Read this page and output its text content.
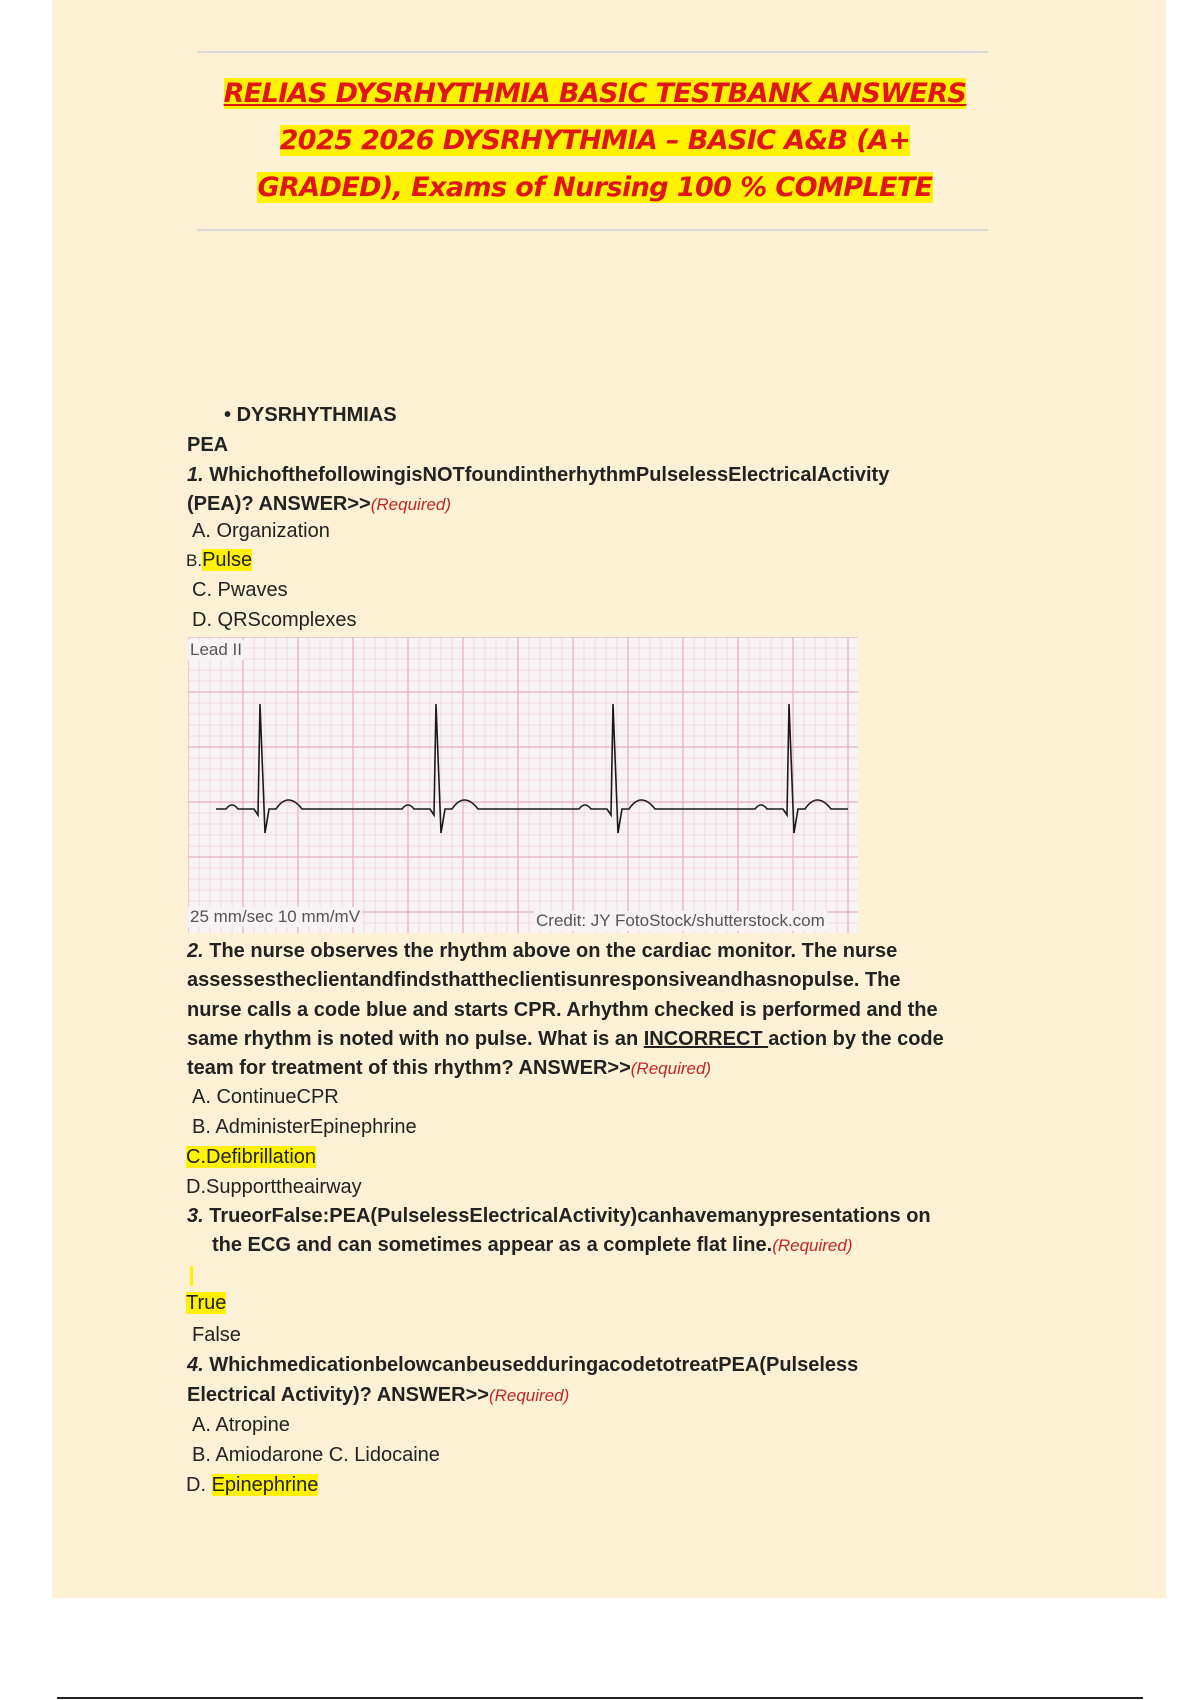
RELIAS DYSRHYTHMIA BASIC TESTBANK ANSWERS
2025 2026 DYSRHYTHMIA – BASIC A&B (A+
GRADED), Exams of Nursing 100 % COMPLETE
• DYSRHYTHMIAS
PEA
1. WhichofthefollowingisNOTfoundintherhythmPulselessElectricalActivity
(PEA)? ANSWER>>(Required)
A. Organization
B.Pulse
C. Pwaves
D. QRScomplexes
Lead II
25 mm/sec 10 mm/mV	Credit: JY FotoStock/shutterstock.com
2. The nurse observes the rhythm above on the cardiac monitor. The nurse
assessestheclientandfindsthattheclientisunresponsiveandhasnopulse. The
nurse calls a code blue and starts CPR. Arhythm checked is performed and the
same rhythm is noted with no pulse. What is an INCORRECT action by the code
team for treatment of this rhythm? ANSWER>>(Required)
A. ContinueCPR
B. AdministerEpinephrine
C.Defibrillation
D.Supporttheairway
3. TrueorFalse:PEA(PulselessElectricalActivity)canhavemanypresentations on
the ECG and can sometimes appear as a complete flat line.(Required)
True
False
4. WhichmedicationbelowcanbeusedduringacodetotreatPEA(Pulseless
Electrical Activity)? ANSWER>>(Required)
A. Atropine
B. Amiodarone C. Lidocaine
D. Epinephrine
